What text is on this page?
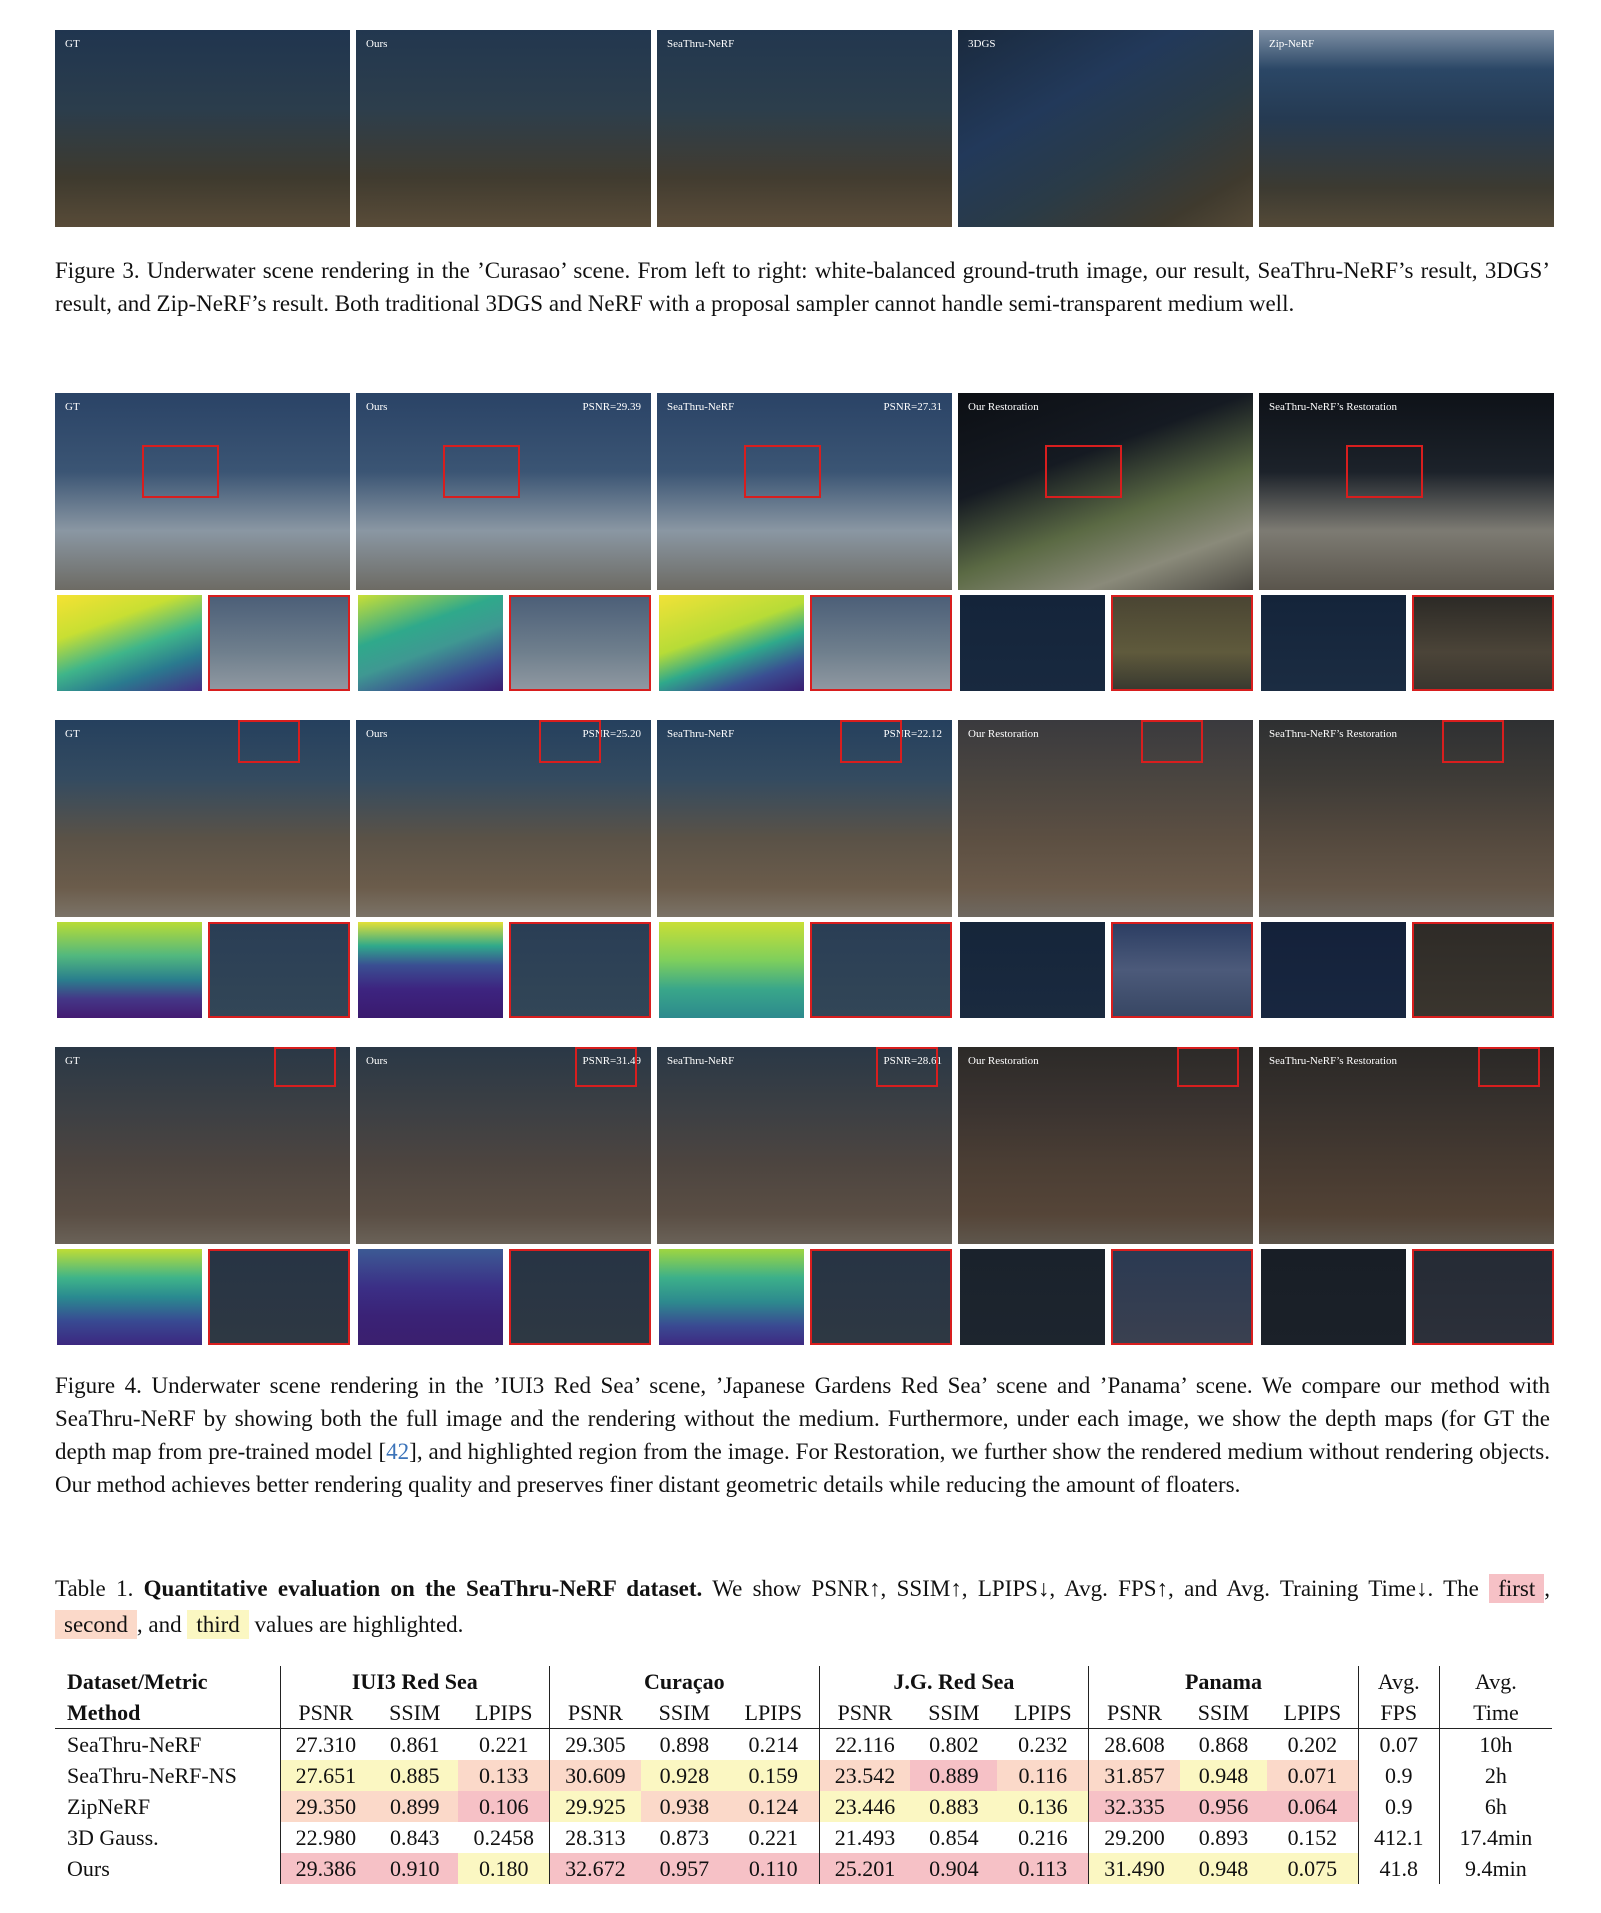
GT	Ours	SeaThru-NeRF	3DGS	Zip-NeRF
Figure 3. Underwater scene rendering in the ’Curasao’ scene. From left to right: white-balanced ground-truth image, our result, SeaThru-NeRF’s result, 3DGS’ result, and Zip-NeRF’s result. Both traditional 3DGS and NeRF with a proposal sampler cannot handle semi-transparent medium well.
GT	Ours	PSNR=29.39 SeaThru-NeRF	PSNR=27.31 Our Restoration	SeaThru-NeRF’s Restoration
GT	Ours	PSNR=25.20 SeaThru-NeRF	PSNR=22.12 Our Restoration	SeaThru-NeRF’s Restoration
GT	Ours	PSNR=31.49 SeaThru-NeRF	PSNR=28.61 Our Restoration	SeaThru-NeRF’s Restoration
Figure 4. Underwater scene rendering in the ’IUI3 Red Sea’ scene, ’Japanese Gardens Red Sea’ scene and ’Panama’ scene. We compare our method with SeaThru-NeRF by showing both the full image and the rendering without the medium. Furthermore, under each image, we show the depth maps (for GT the depth map from pre-trained model [42], and highlighted region from the image. For Restoration, we further show the rendered medium without rendering objects. Our method achieves better rendering quality and preserves finer distant geometric details while reducing the amount of floaters.
Table 1. Quantitative evaluation on the SeaThru-NeRF dataset. We show PSNR↑, SSIM↑, LPIPS↓, Avg. FPS↑, and Avg. Training Time↓. The first , second , and third values are highlighted.
Dataset/Metric	IUI3 Red Sea			Curaçao			J.G. Red Sea			Panama			Avg.	Avg.
Method	PSNR	SSIM	LPIPS	PSNR	SSIM	LPIPS	PSNR	SSIM	LPIPS	PSNR	SSIM	LPIPS	FPS	Time
SeaThru-NeRF	27.310	0.861	0.221	29.305	0.898	0.214	22.116	0.802	0.232	28.608	0.868	0.202	0.07	10h
SeaThru-NeRF-NS	27.651	0.885	0.133	30.609	0.928	0.159	23.542	0.889	0.116	31.857	0.948	0.071	0.9	2h
ZipNeRF	29.350	0.899	0.106	29.925	0.938	0.124	23.446	0.883	0.136	32.335	0.956	0.064	0.9	6h
3D Gauss.	22.980	0.843	0.2458	28.313	0.873	0.221	21.493	0.854	0.216	29.200	0.893	0.152	412.1	17.4min
Ours	29.386	0.910	0.180	32.672	0.957	0.110	25.201	0.904	0.113	31.490	0.948	0.075	41.8	9.4min
